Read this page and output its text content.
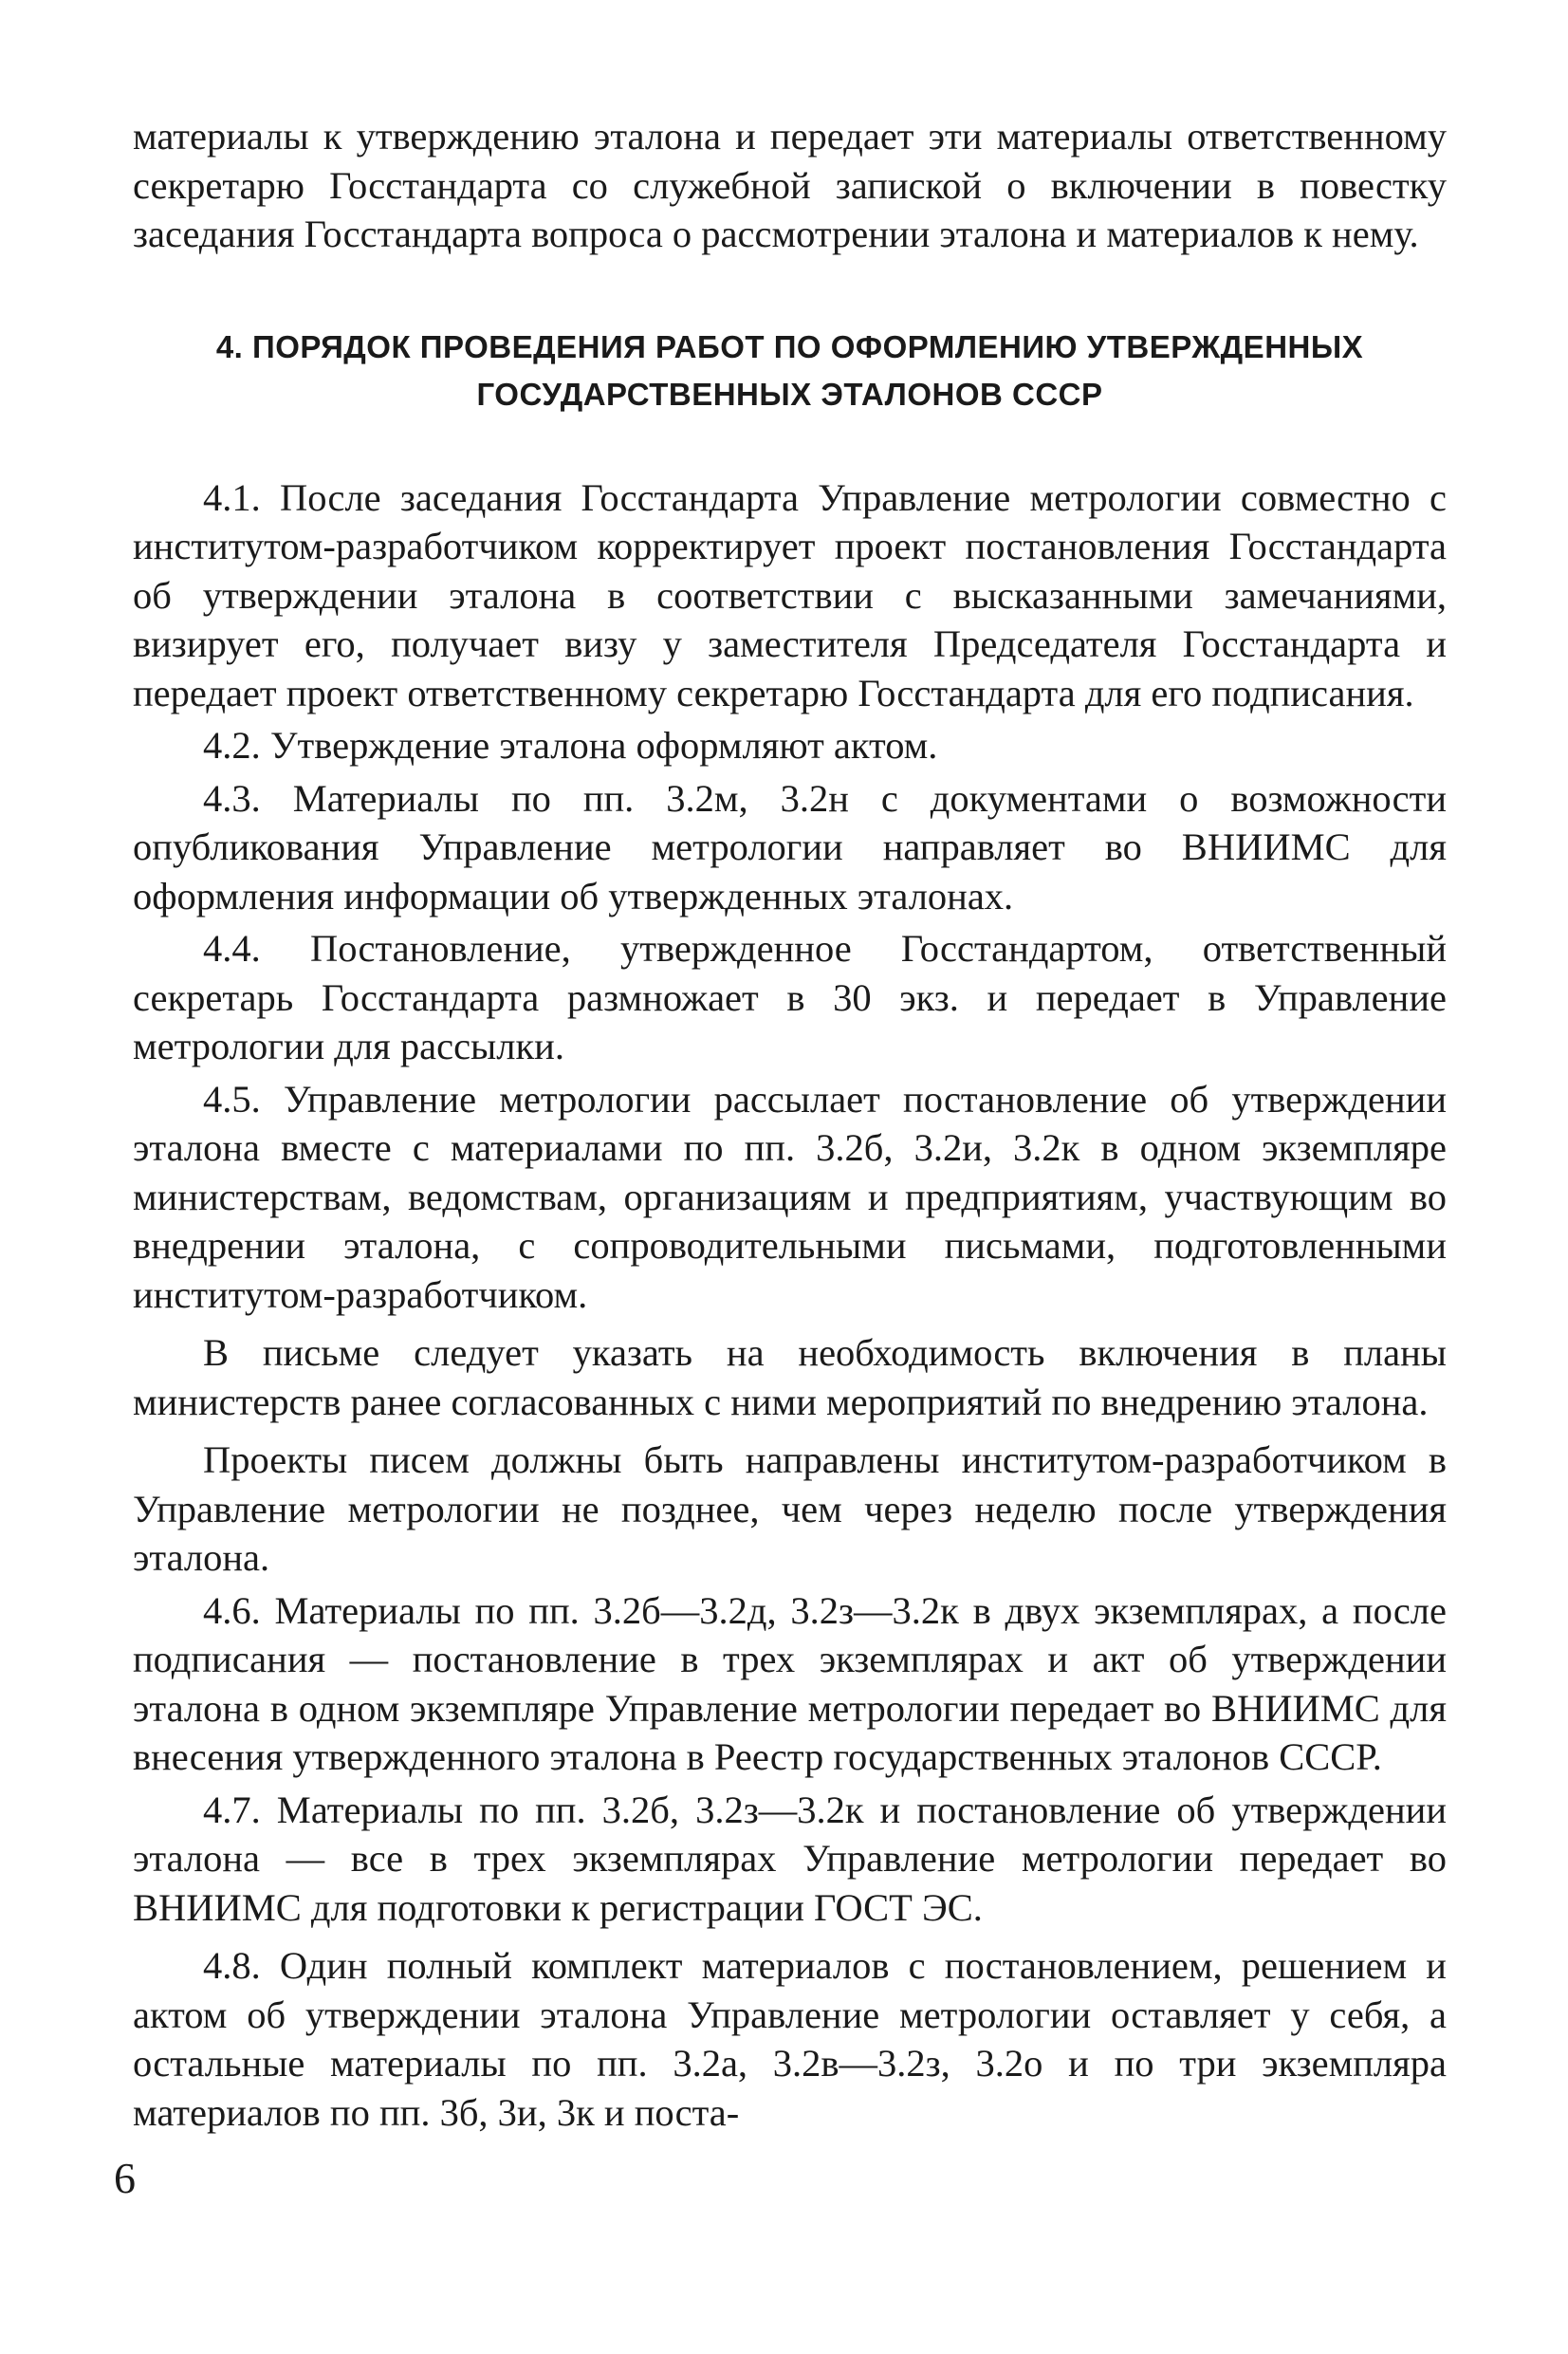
материалы к утверждению эталона и передает эти материалы ответственному секретарю Госстандарта со служебной запиской о включении в повестку заседания Госстандарта вопроса о рассмотрении эталона и материалов к нему.

4. ПОРЯДОК ПРОВЕДЕНИЯ РАБОТ ПО ОФОРМЛЕНИЮ УТВЕРЖДЕННЫХ
ГОСУДАРСТВЕННЫХ ЭТАЛОНОВ СССР

4.1. После заседания Госстандарта Управление метрологии совместно с институтом-разработчиком корректирует проект постановления Госстандарта об утверждении эталона в соответствии с высказанными замечаниями, визирует его, получает визу у заместителя Председателя Госстандарта и передает проект ответственному секретарю Госстандарта для его подписания.

4.2. Утверждение эталона оформляют актом.

4.3. Материалы по пп. 3.2м, 3.2н с документами о возможности опубликования Управление метрологии направляет во ВНИИМС для оформления информации об утвержденных эталонах.

4.4. Постановление, утвержденное Госстандартом, ответственный секретарь Госстандарта размножает в 30 экз. и передает в Управление метрологии для рассылки.

4.5. Управление метрологии рассылает постановление об утверждении эталона вместе с материалами по пп. 3.2б, 3.2и, 3.2к в одном экземпляре министерствам, ведомствам, организациям и предприятиям, участвующим во внедрении эталона, с сопроводительными письмами, подготовленными институтом-разработчиком.

В письме следует указать на необходимость включения в планы министерств ранее согласованных с ними мероприятий по внедрению эталона.

Проекты писем должны быть направлены институтом-разработчиком в Управление метрологии не позднее, чем через неделю после утверждения эталона.

4.6. Материалы по пп. 3.2б—3.2д, 3.2з—3.2к в двух экземплярах, а после подписания — постановление в трех экземплярах и акт об утверждении эталона в одном экземпляре Управление метрологии передает во ВНИИМС для внесения утвержденного эталона в Реестр государственных эталонов СССР.

4.7. Материалы по пп. 3.2б, 3.2з—3.2к и постановление об утверждении эталона — все в трех экземплярах Управление метрологии передает во ВНИИМС для подготовки к регистрации ГОСТ ЭС.

4.8. Один полный комплект материалов с постановлением, решением и актом об утверждении эталона Управление метрологии оставляет у себя, а остальные материалы по пп. 3.2а, 3.2в—3.2з, 3.2о и по три экземпляра материалов по пп. 3б, 3и, 3к и поста-

6
